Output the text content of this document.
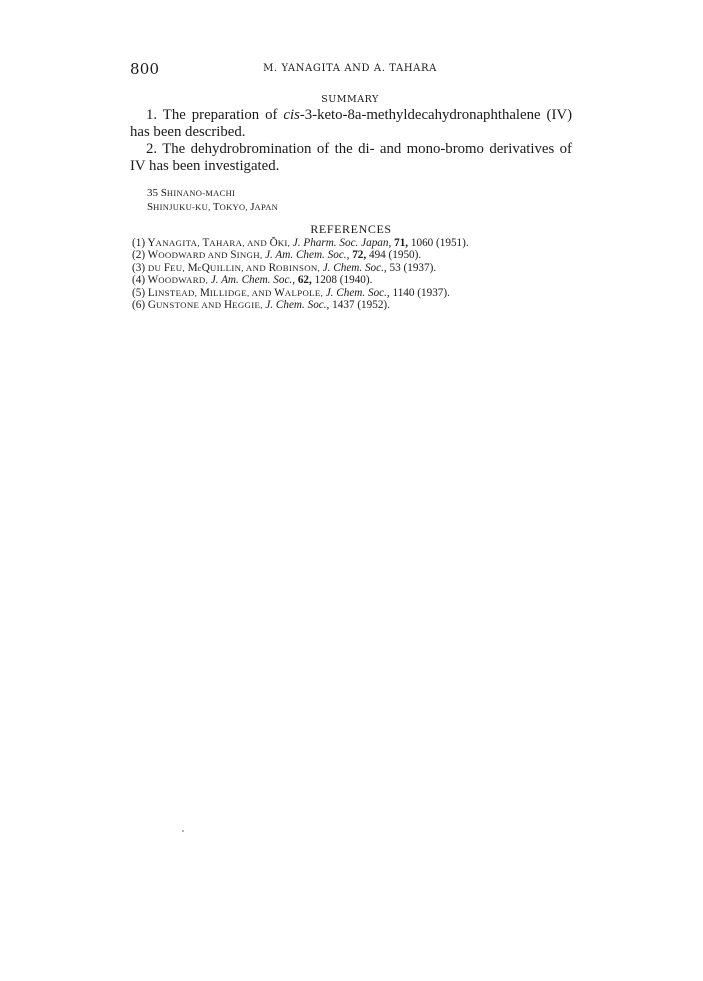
800	M. YANAGITA AND A. TAHARA
SUMMARY

1. The preparation of cis-3-keto-8a-methyldecahydronaphthalene (IV) has been described.

2. The dehydrobromination of the di- and mono-bromo derivatives of IV has been investigated.

35 SHINANO-MACHI
SHINJUKU-KU, TOKYO, JAPAN
REFERENCES
(1) YANAGITA, TAHARA, AND ŌKI, J. Pharm. Soc. Japan, 71, 1060 (1951).
(2) WOODWARD AND SINGH, J. Am. Chem. Soc., 72, 494 (1950).
(3) DU FEU, McQUILLIN, AND ROBINSON, J. Chem. Soc., 53 (1937).
(4) WOODWARD, J. Am. Chem. Soc., 62, 1208 (1940).
(5) LINSTEAD, MILLIDGE, AND WALPOLE, J. Chem. Soc., 1140 (1937).
(6) GUNSTONE AND HEGGIE, J. Chem. Soc., 1437 (1952).
